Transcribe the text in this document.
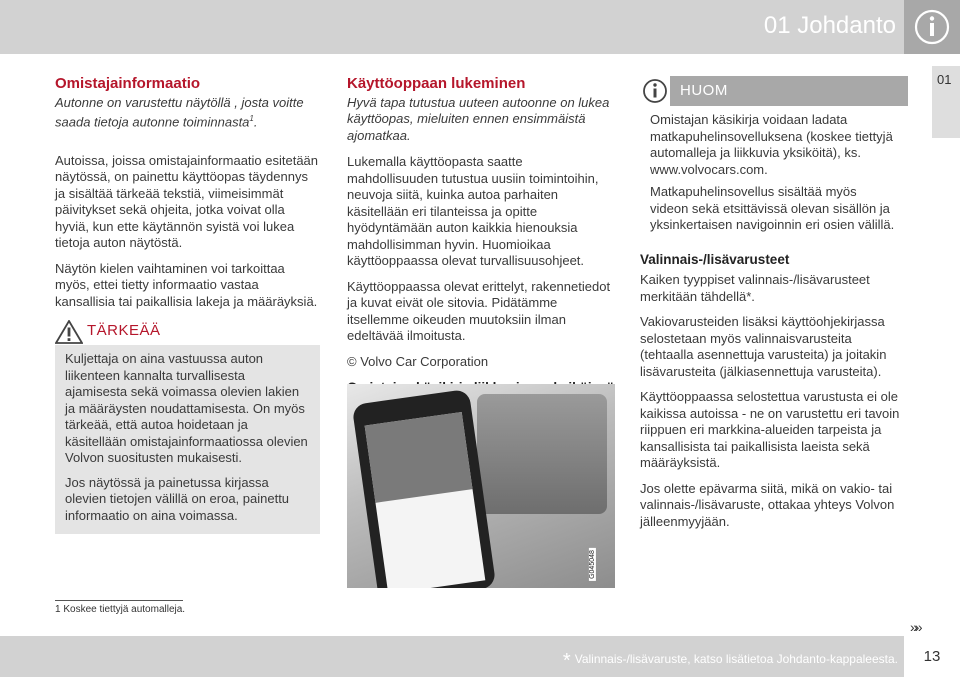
01 Johdanto
01
Omistajainformaatio

Autonne on varustettu näytöllä , josta voitte saada tietoja autonne toiminnasta$^1$.

Autoissa, joissa omistajainformaatio esitetään näytössä, on painettu käyttöopas täydennys ja sisältää tärkeää tekstiä, viimeisimmät päivitykset sekä ohjeita, jotka voivat olla hyviä, kun ette käytännön syistä voi lukea tietoja auton näytöstä.

Näytön kielen vaihtaminen voi tarkoittaa myös, ettei tietty informaatio vastaa kansallisia tai paikallisia lakeja ja määräyksiä.

TÄRKEÄÄ

Kuljettaja on aina vastuussa auton liikenteen kannalta turvallisesta ajamisesta sekä voimassa olevien lakien ja määräysten noudattamisesta. On myös tärkeää, että autoa hoidetaan ja käsitellään omistajainformaatiossa olevien Volvon suositusten mukaisesti.

Jos näytössä ja painetussa kirjassa olevien tietojen välillä on eroa, painettu informaatio on aina voimassa.

Käyttöoppaan lukeminen

Hyvä tapa tutustua uuteen autoonne on lukea käyttöopas, mieluiten ennen ensimmäistä ajomatkaa.

Lukemalla käyttöopasta saatte mahdollisuuden tutustua uusiin toimintoihin, neuvoja siitä, kuinka autoa parhaiten käsitellään eri tilanteissa ja opitte hyödyntämään auton kaikkia hienouksia mahdollisimman hyvin. Huomioikaa käyttöoppaassa olevat turvallisuusohjeet.

Käyttöoppaassa olevat erittelyt, rakennetiedot ja kuvat eivät ole sitovia. Pidätämme itsellemme oikeuden muutoksiin ilman edeltävää ilmoitusta.

© Volvo Car Corporation

G045048
HUOM

Omistajan käsikirja voidaan ladata matkapuhelinsovelluksena (koskee tiettyjä automalleja ja liikkuvia yksiköitä), ks. www.volvocars.com.

Matkapuhelinsovellus sisältää myös videon sekä etsittävissä olevan sisällön ja yksinkertaisen navigoinnin eri osien välillä.

Valinnais-/lisävarusteet

Kaiken tyyppiset valinnais-/lisävarusteet merkitään tähdellä*.

Vakiovarusteiden lisäksi käyttöohjekirjassa selostetaan myös valinnaisvarusteita (tehtaalla asennettuja varusteita) ja joitakin lisävarusteita (jälkiasennettuja varusteita).

Käyttöoppaassa selostettua varustusta ei ole kaikissa autoissa - ne on varustettu eri tavoin riippuen eri markkina-alueiden tarpeista ja kansallisista tai paikallisista laeista sekä määräyksistä.

Jos olette epävarma siitä, mikä on vakio- tai valinnais-/lisävaruste, ottakaa yhteys Volvon jälleenmyyjään.

1 Koskee tiettyjä automalleja.
»»
* Valinnais-/lisävaruste, katso lisätietoa Johdanto-kappaleesta.	13
